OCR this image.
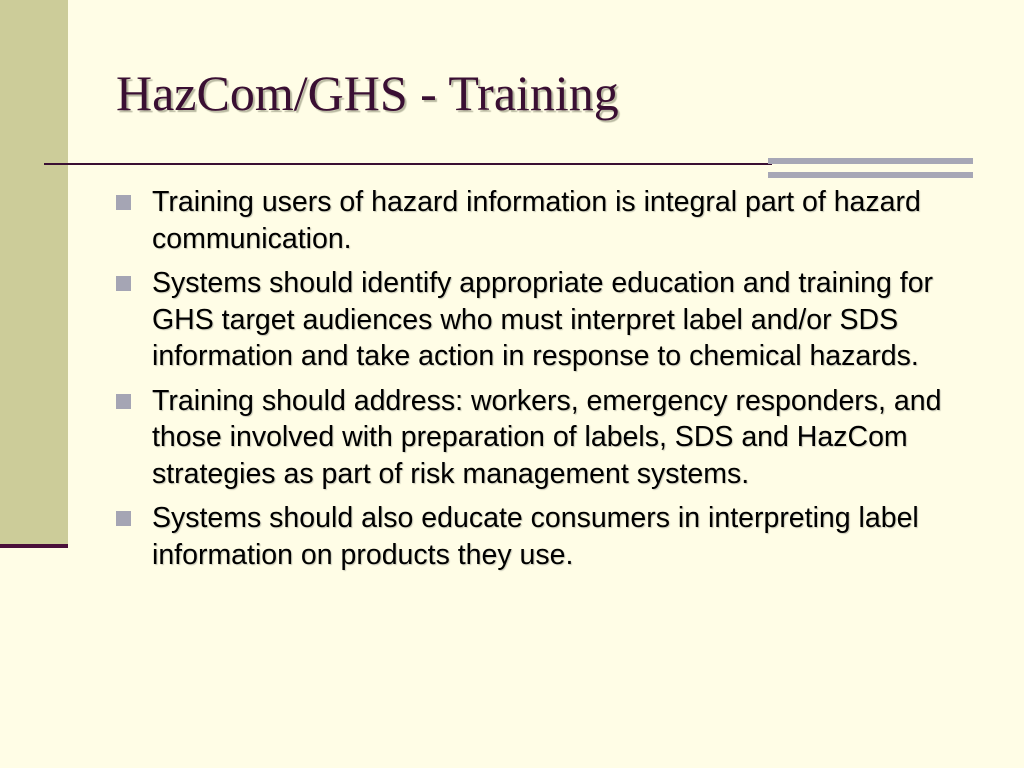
HazCom/GHS - Training
Training users of hazard information is integral part of hazard communication.
Systems should identify appropriate education and training for GHS target audiences who must interpret label and/or SDS information and take action in response to chemical hazards.
Training should address: workers, emergency responders, and those involved with preparation of labels, SDS and HazCom strategies as part of risk management systems.
Systems should also educate consumers in interpreting label information on products they use.
